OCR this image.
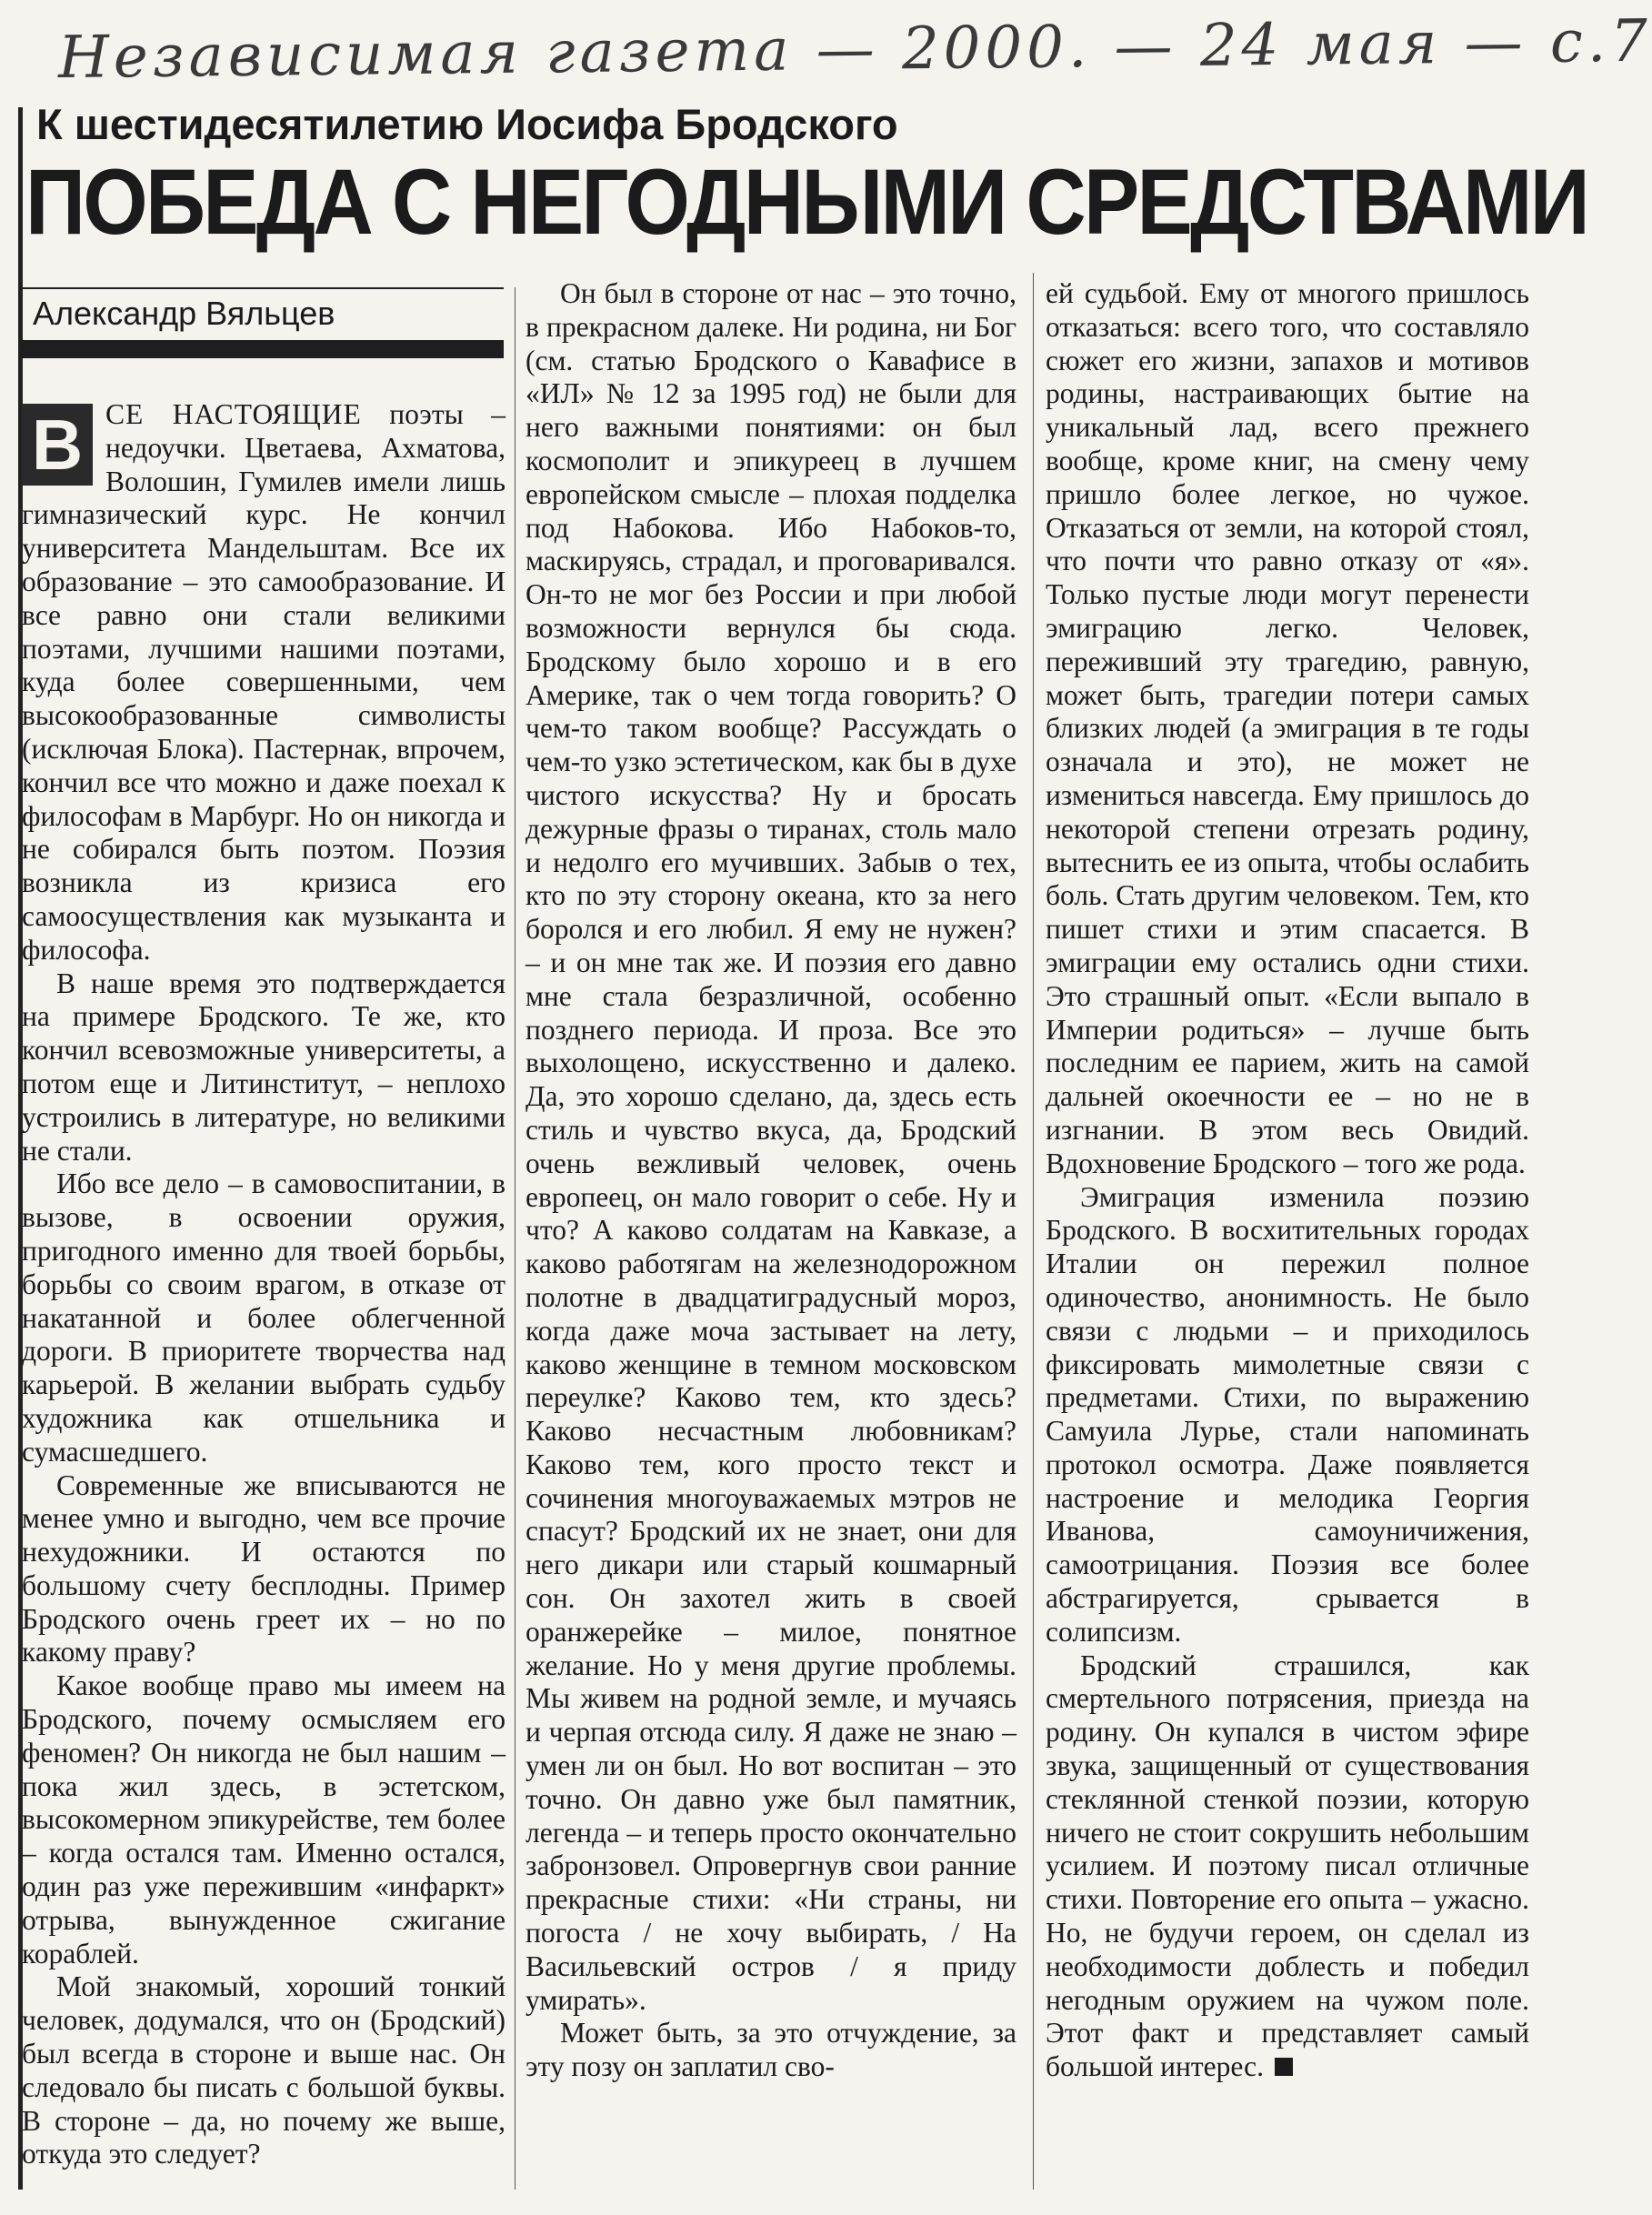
Независимая газета — 2000. — 24 мая — с.7
К шестидесятилетию Иосифа Бродского
ПОБЕДА С НЕГОДНЫМИ СРЕДСТВАМИ
Александр Вяльцев

В СЕ НАСТОЯЩИЕ поэты – недоучки. Цветаева, Ахматова, Волошин, Гумилев имели лишь гимназический курс. Не кончил университета Мандельштам. Все их образование – это самообразование. И все равно они стали великими поэтами, лучшими нашими поэтами, куда более совершенными, чем высокообразованные символисты (исключая Блока). Пастернак, впрочем, кончил все что можно и даже поехал к философам в Марбург. Но он никогда и не собирался быть поэтом. Поэзия возникла из кризиса его самоосуществления как музыканта и философа.

В наше время это подтверждается на примере Бродского. Те же, кто кончил всевозможные университеты, а потом еще и Литинститут, – неплохо устроились в литературе, но великими не стали.

Ибо все дело – в самовоспитании, в вызове, в освоении оружия, пригодного именно для твоей борьбы, борьбы со своим врагом, в отказе от накатанной и более облегченной дороги. В приоритете творчества над карьерой. В желании выбрать судьбу художника как отшельника и сумасшедшего.

Современные же вписываются не менее умно и выгодно, чем все прочие нехудожники. И остаются по большому счету бесплодны. Пример Бродского очень греет их – но по какому праву?

Какое вообще право мы имеем на Бродского, почему осмысляем его феномен? Он никогда не был нашим – пока жил здесь, в эстетском, высокомерном эпикурействе, тем более – когда остался там. Именно остался, один раз уже пережившим «инфаркт» отрыва, вынужденное сжигание кораблей.

Мой знакомый, хороший тонкий человек, додумался, что он (Бродский) был всегда в стороне и выше нас. Он следовало бы писать с большой буквы. В стороне – да, но почему же выше, откуда это следует?

Он был в стороне от нас – это точно, в прекрасном далеке. Ни родина, ни Бог (см. статью Бродского о Кавафисе в «ИЛ» № 12 за 1995 год) не были для него важными понятиями: он был космополит и эпикуреец в лучшем европейском смысле – плохая подделка под Набокова. Ибо Набоков-то, маскируясь, страдал, и проговаривался. Он-то не мог без России и при любой возможности вернулся бы сюда. Бродскому было хорошо и в его Америке, так о чем тогда говорить? О чем-то таком вообще? Рассуждать о чем-то узко эстетическом, как бы в духе чистого искусства? Ну и бросать дежурные фразы о тиранах, столь мало и недолго его мучивших. Забыв о тех, кто по эту сторону океана, кто за него боролся и его любил. Я ему не нужен? – и он мне так же. И поэзия его давно мне стала безразличной, особенно позднего периода. И проза. Все это выхолощено, искусственно и далеко. Да, это хорошо сделано, да, здесь есть стиль и чувство вкуса, да, Бродский очень вежливый человек, очень европеец, он мало говорит о себе. Ну и что? А каково солдатам на Кавказе, а каково работягам на железнодорожном полотне в двадцатиградусный мороз, когда даже моча застывает на лету, каково женщине в темном московском переулке? Каково тем, кто здесь? Каково несчастным любовникам? Каково тем, кого просто текст и сочинения многоуважаемых мэтров не спасут? Бродский их не знает, они для него дикари или старый кошмарный сон. Он захотел жить в своей оранжерейке – милое, понятное желание. Но у меня другие проблемы. Мы живем на родной земле, и мучаясь и черпая отсюда силу. Я даже не знаю – умен ли он был. Но вот воспитан – это точно. Он давно уже был памятник, легенда – и теперь просто окончательно забронзовел. Опровергнув свои ранние прекрасные стихи: «Ни страны, ни погоста / не хочу выбирать, / На Васильевский остров / я приду умирать».

Может быть, за это отчуждение, за эту позу он заплатил сво-

ей судьбой. Ему от многого пришлось отказаться: всего того, что составляло сюжет его жизни, запахов и мотивов родины, настраивающих бытие на уникальный лад, всего прежнего вообще, кроме книг, на смену чему пришло более легкое, но чужое. Отказаться от земли, на которой стоял, что почти что равно отказу от «я». Только пустые люди могут перенести эмиграцию легко. Человек, переживший эту трагедию, равную, может быть, трагедии потери самых близких людей (а эмиграция в те годы означала и это), не может не измениться навсегда. Ему пришлось до некоторой степени отрезать родину, вытеснить ее из опыта, чтобы ослабить боль. Стать другим человеком. Тем, кто пишет стихи и этим спасается. В эмиграции ему остались одни стихи. Это страшный опыт. «Если выпало в Империи родиться» – лучше быть последним ее парием, жить на самой дальней окоечности ее – но не в изгнании. В этом весь Овидий. Вдохновение Бродского – того же рода.

Эмиграция изменила поэзию Бродского. В восхитительных городах Италии он пережил полное одиночество, анонимность. Не было связи с людьми – и приходилось фиксировать мимолетные связи с предметами. Стихи, по выражению Самуила Лурье, стали напоминать протокол осмотра. Даже появляется настроение и мелодика Георгия Иванова, самоуничижения, самоотрицания. Поэзия все более абстрагируется, срывается в солипсизм.

Бродский страшился, как смертельного потрясения, приезда на родину. Он купался в чистом эфире звука, защищенный от существования стеклянной стенкой поэзии, которую ничего не стоит сокрушить небольшим усилием. И поэтому писал отличные стихи. Повторение его опыта – ужасно. Но, не будучи героем, он сделал из необходимости доблесть и победил негодным оружием на чужом поле. Этот факт и представляет самый большой интерес.
